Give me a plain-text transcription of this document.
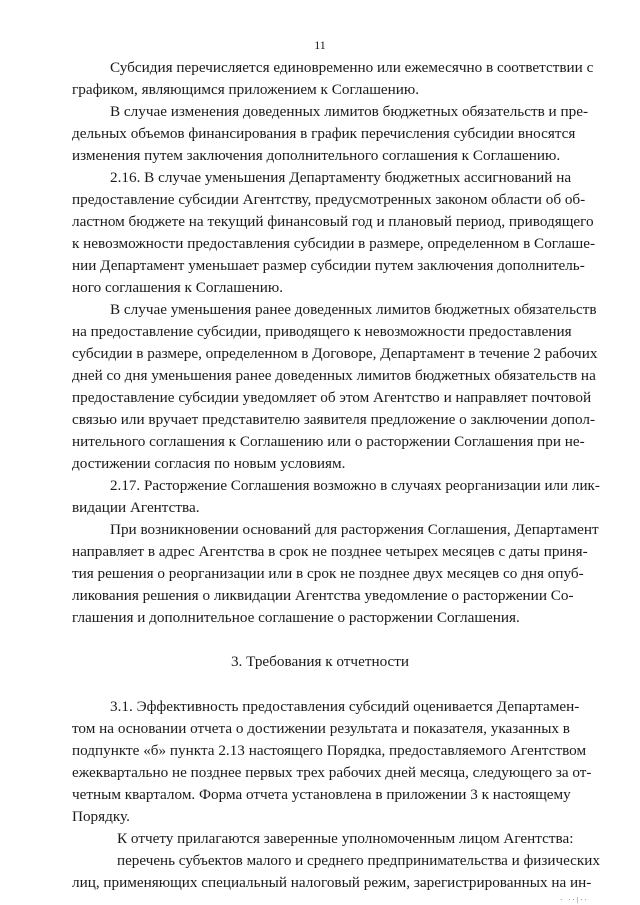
11
Субсидия перечисляется единовременно или ежемесячно в соответствии с
графиком, являющимся приложением к Соглашению.
В случае изменения доведенных лимитов бюджетных обязательств и пре-
дельных объемов финансирования в график перечисления субсидии вносятся
изменения путем заключения дополнительного соглашения к Соглашению.
2.16. В случае уменьшения Департаменту бюджетных ассигнований на
предоставление субсидии Агентству, предусмотренных законом области об об-
ластном бюджете на текущий финансовый год и плановый период, приводящего
к невозможности предоставления субсидии в размере, определенном в Соглаше-
нии Департамент уменьшает размер субсидии путем заключения дополнитель-
ного соглашения к Соглашению.
В случае уменьшения ранее доведенных лимитов бюджетных обязательств
на предоставление субсидии, приводящего к невозможности предоставления
субсидии в размере, определенном в Договоре, Департамент в течение 2 рабочих
дней со дня уменьшения ранее доведенных лимитов бюджетных обязательств на
предоставление субсидии уведомляет об этом Агентство и направляет почтовой
связью или вручает представителю заявителя предложение о заключении допол-
нительного соглашения к Соглашению или о расторжении Соглашения при не-
достижении согласия по новым условиям.
2.17. Расторжение Соглашения возможно в случаях реорганизации или лик-
видации Агентства.
При возникновении оснований для расторжения Соглашения, Департамент
направляет в адрес Агентства в срок не позднее четырех месяцев с даты приня-
тия решения о реорганизации или в срок не позднее двух месяцев со дня опуб-
ликования решения о ликвидации Агентства уведомление о расторжении Со-
глашения и дополнительное соглашение о расторжении Соглашения.
3. Требования к отчетности
3.1. Эффективность предоставления субсидий оценивается Департамен-
том на основании отчета о достижении результата и показателя, указанных в
подпункте «б» пункта 2.13 настоящего Порядка, предоставляемого Агентством
ежеквартально не позднее первых трех рабочих дней месяца, следующего за от-
четным кварталом. Форма отчета установлена в приложении 3 к настоящему
Порядку.
К отчету прилагаются заверенные уполномоченным лицом Агентства:
перечень субъектов малого и среднего предпринимательства и физических
лиц, применяющих специальный налоговый режим, зарегистрированных на ин-
· ··|··
